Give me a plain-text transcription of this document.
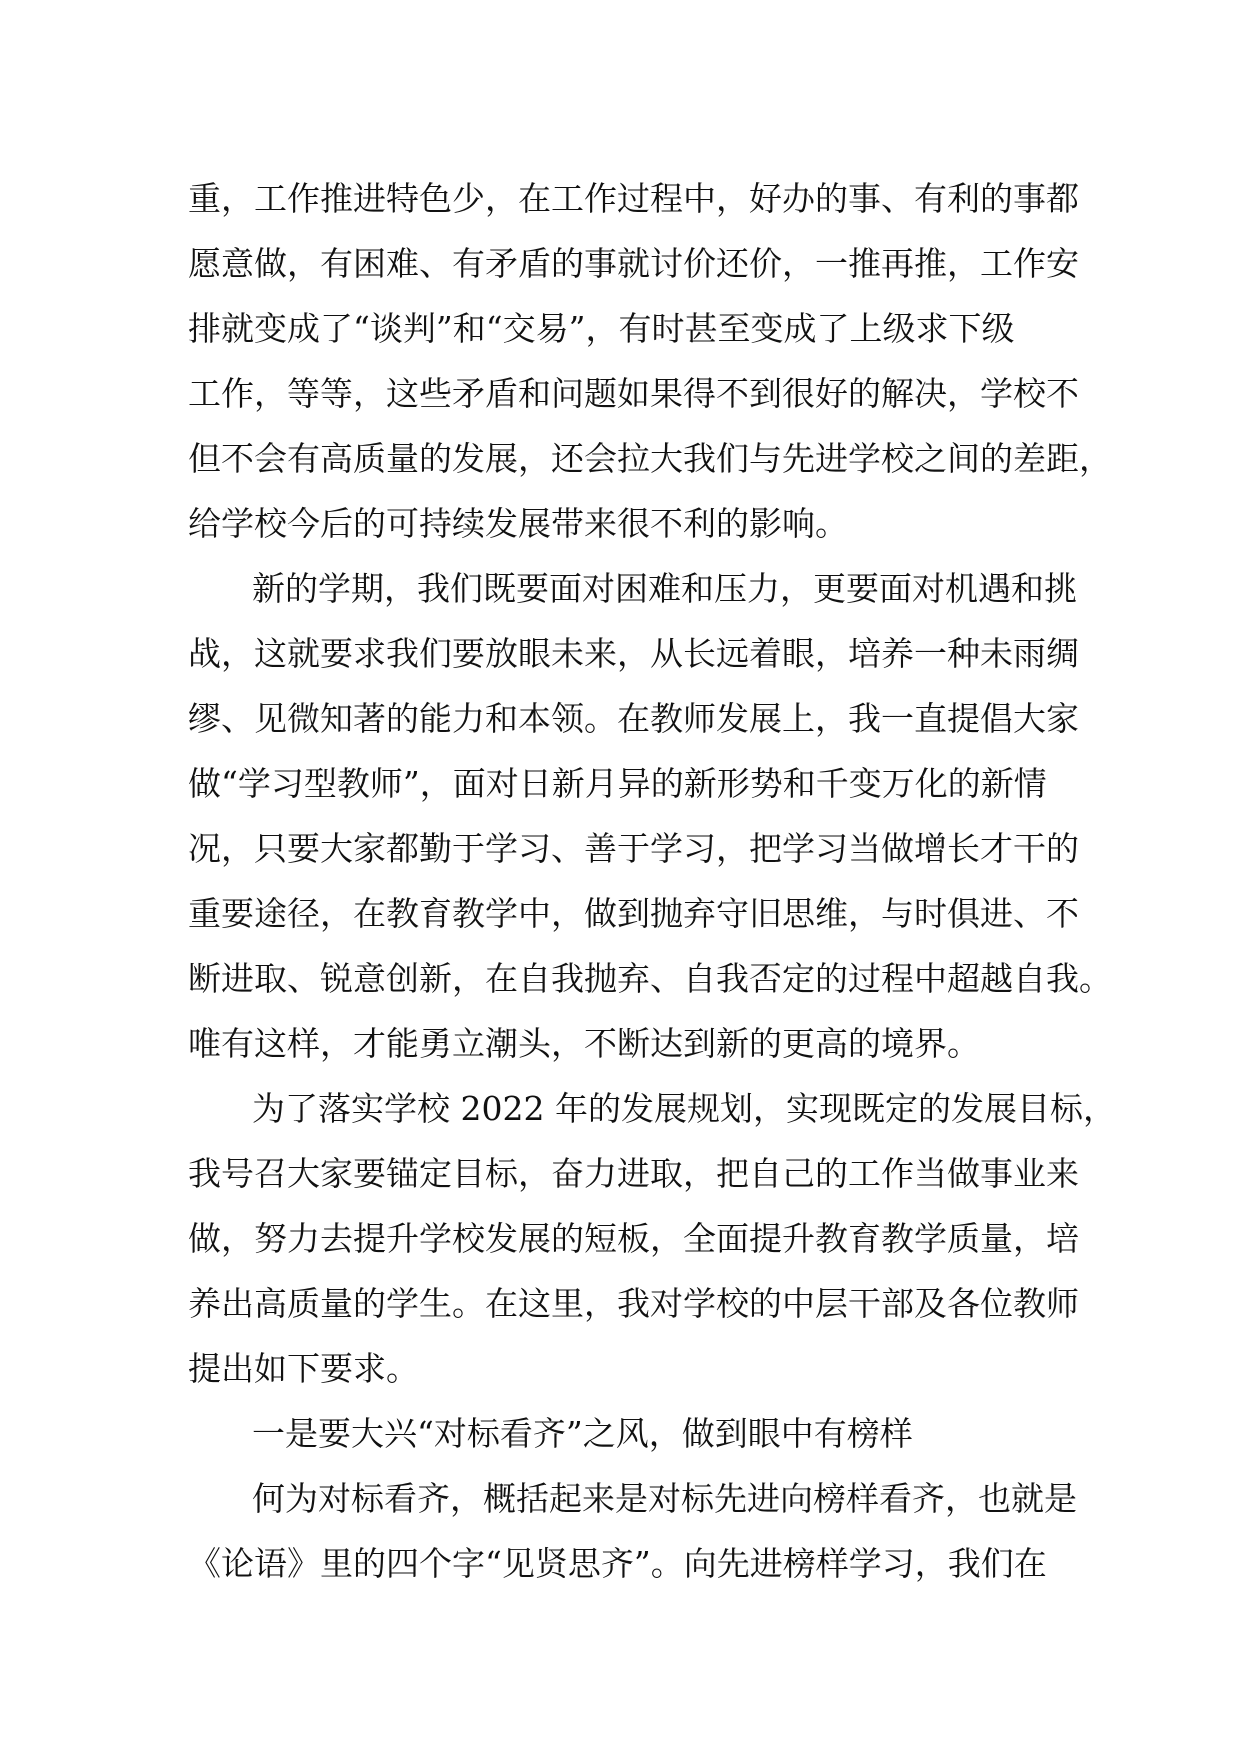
重，工作推进特色少，在工作过程中，好办的事、有利的事都
愿意做，有困难、有矛盾的事就讨价还价，一推再推，工作安
排就变成了“谈判”和“交易”，有时甚至变成了上级求下级
工作，等等，这些矛盾和问题如果得不到很好的解决，学校不
但不会有高质量的发展，还会拉大我们与先进学校之间的差距，
给学校今后的可持续发展带来很不利的影响。
新的学期，我们既要面对困难和压力，更要面对机遇和挑
战，这就要求我们要放眼未来，从长远着眼，培养一种未雨绸
缪、见微知著的能力和本领。在教师发展上，我一直提倡大家
做“学习型教师”，面对日新月异的新形势和千变万化的新情
况，只要大家都勤于学习、善于学习，把学习当做增长才干的
重要途径，在教育教学中，做到抛弃守旧思维，与时俱进、不
断进取、锐意创新，在自我抛弃、自我否定的过程中超越自我。
唯有这样，才能勇立潮头，不断达到新的更高的境界。
为了落实学校 2022 年的发展规划，实现既定的发展目标，
我号召大家要锚定目标，奋力进取，把自己的工作当做事业来
做，努力去提升学校发展的短板，全面提升教育教学质量，培
养出高质量的学生。在这里，我对学校的中层干部及各位教师
提出如下要求。
一是要大兴“对标看齐”之风，做到眼中有榜样
何为对标看齐，概括起来是对标先进向榜样看齐，也就是
《论语》里的四个字“见贤思齐”。向先进榜样学习，我们在
